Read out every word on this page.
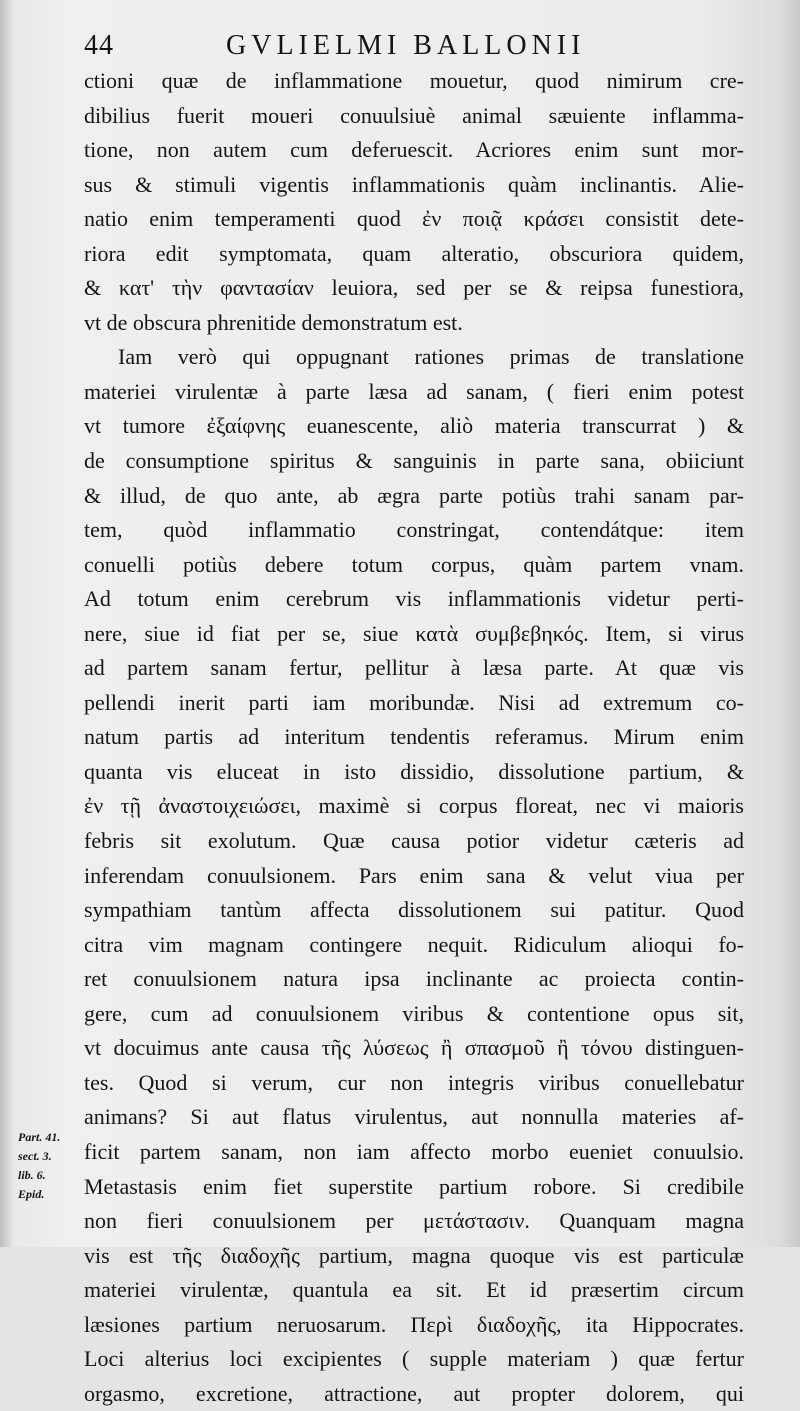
44	GVLIELMI BALLONII
ctioni quæ de inflammatione mouetur, quod nimirum cre-
dibilius fuerit moueri conuulsiuè animal sæuiente inflamma-
tione, non autem cum deferuescit. Acriores enim sunt mor-
sus & stimuli vigentis inflammationis quàm inclinantis. Alie-
natio enim temperamenti quod ἐν ποιᾷ κράσει consistit dete-
riora edit symptomata, quam alteratio, obscuriora quidem,
& κατ' τὴν φαντασίαν leuiora, sed per se & reipsa funestiora,
vt de obscura phrenitide demonstratum est.
Iam verò qui oppugnant rationes primas de translatione
materiei virulentæ à parte læsa ad sanam, ( fieri enim potest
vt tumore ἐξαίφνης euanescente, aliò materia transcurrat ) &
de consumptione spiritus & sanguinis in parte sana, obiiciunt
& illud, de quo ante, ab ægra parte potiùs trahi sanam par-
tem, quòd inflammatio constringat, contendátque: item
conuelli potiùs debere totum corpus, quàm partem vnam.
Ad totum enim cerebrum vis inflammationis videtur perti-
nere, siue id fiat per se, siue κατὰ συμβεβηκός. Item, si virus
ad partem sanam fertur, pellitur à læsa parte. At quæ vis
pellendi inerit parti iam moribundæ. Nisi ad extremum co-
natum partis ad interitum tendentis referamus. Mirum enim
quanta vis eluceat in isto dissidio, dissolutione partium, &
ἐν τῇ ἀναστοιχειώσει, maximè si corpus floreat, nec vi maioris
febris sit exolutum. Quæ causa potior videtur cæteris ad
inferendam conuulsionem. Pars enim sana & velut viua per
sympathiam tantùm affecta dissolutionem sui patitur. Quod
citra vim magnam contingere nequit. Ridiculum alioqui fo-
ret conuulsionem natura ipsa inclinante ac proiecta contin-
gere, cum ad conuulsionem viribus & contentione opus sit,
vt docuimus ante causa τῆς λύσεως ἢ σπασμοῦ ἢ τόνου distinguen-
tes. Quod si verum, cur non integris viribus conuellebatur
animans? Si aut flatus virulentus, aut nonnulla materies af-
ficit partem sanam, non iam affecto morbo eueniet conuulsio.
Metastasis enim fiet superstite partium robore. Si credibile
non fieri conuulsionem per μετάστασιν. Quanquam magna
vis est τῆς διαδοχῆς partium, magna quoque vis est particulæ
materiei virulentæ, quantula ea sit. Et id præsertim circum
læsiones partium neruosarum. Περὶ διαδοχῆς, ita Hippocrates.
Loci alterius loci excipientes ( supple materiam ) quæ fertur
orgasmo, excretione, attractione, aut propter dolorem, qui
Part. 41.
sect. 3.
lib. 6.
Epid.
